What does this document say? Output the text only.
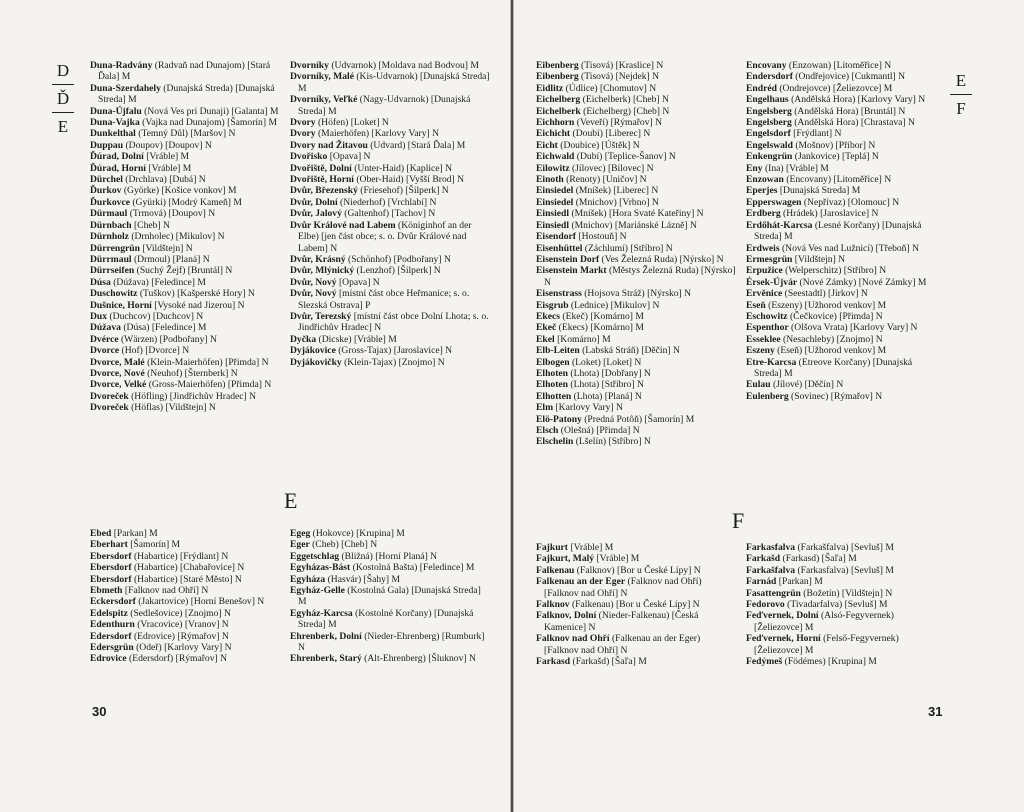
D
Ď
E

Duna-Radvány (Radvaň nad Dunajom) [Stará Ďala] M

Duna-Szerdahely (Dunajská Streda) [Dunajská Streda] M

Duna-Újfalu (Nová Ves pri Dunaji) [Galanta] M

Duna-Vajka (Vajka nad Dunajom) [Šamorín] M

Dunkelthal (Temný Důl) [Maršov] N

Duppau (Doupov) [Doupov] N

Ďúrad, Dolní [Vráble] M

Ďúrad, Horní [Vráble] M

Dürchel (Drchlava) [Dubá] N

Ďurkov (Györke) [Košice vonkov] M

Ďurkovce (Gyürki) [Modrý Kameň] M

Dürmaul (Trmová) [Doupov] N

Dürnbach [Cheb] N

Dürnholz (Drnholec) [Mikulov] N

Dürrengrün [Vildštejn] N

Dürrmaul (Drmoul) [Planá] N

Dürrseifen (Suchý Žejf) [Bruntál] N

Dúsa (Dúžava) [Feledince] M

Duschowitz (Tuškov) [Kašperské Hory] N

Dušnice, Horní [Vysoké nad Jizerou] N

Dux (Duchcov) [Duchcov] N

Dúžava (Dúsa) [Feledince] M

Dvérce (Wärzen) [Podbořany] N

Dvorce (Hof) [Dvorce] N

Dvorce, Malé (Klein-Maierhöfen) [Přimda] N

Dvorce, Nové (Neuhof) [Šternberk] N

Dvorce, Velké (Gross-Maierhöfen) [Přimda] N

Dvoreček (Höfling) [Jindřichův Hradec] N

Dvoreček (Höflas) [Vildštejn] N

Dvorníky (Udvarnok) [Moldava nad Bodvou] M

Dvorníky, Malé (Kis-Udvarnok) [Dunajská Streda] M

Dvorníky, Veľké (Nagy-Udvarnok) [Dunajská Streda] M

Dvory (Höfen) [Loket] N

Dvory (Maierhöfen) [Karlovy Vary] N

Dvory nad Žitavou (Udvard) [Stará Ďala] M

Dvořisko [Opava] N

Dvořiště, Dolní (Unter-Haid) [Kaplice] N

Dvořiště, Horní (Ober-Haid) [Vyšší Brod] N

Dvůr, Březenský (Friesehof) [Šilperk] N

Dvůr, Dolní (Niederhof) [Vrchlabí] N

Dvůr, Jalový (Galtenhof) [Tachov] N

Dvůr Králové nad Labem (Königinhof an der Elbe) [jen část obce; s. o. Dvůr Králové nad Labem] N

Dvůr, Krásný (Schönhof) [Podbořany] N

Dvůr, Mlýnický (Lenzhof) [Šilperk] N

Dvůr, Nový [Opava] N

Dvůr, Nový [místní část obce Heřmanice; s. o. Slezská Ostrava] P

Dvůr, Terezský [místní část obce Dolní Lhota; s. o. Jindřichův Hradec] N

Dyčka (Dicske) [Vráble] M

Dyjákovice (Gross-Tajax) [Jaroslavice] N

Dyjákovičky (Klein-Tajax) [Znojmo] N

E

Ebed [Parkan] M

Eberhart [Šamorín] M

Ebersdorf (Habartice) [Frýdlant] N

Ebersdorf (Habartice) [Chabařovice] N

Ebersdorf (Habartice) [Staré Město] N

Ebmeth [Falknov nad Ohří] N

Eckersdorf (Jakartovice) [Horní Benešov] N

Edelspitz (Sedlešovice) [Znojmo] N

Edenthurn (Vracovice) [Vranov] N

Edersdorf (Edrovice) [Rýmařov] N

Edersgrün (Odeř) [Karlovy Vary] N

Edrovice (Edersdorf) [Rýmařov] N

Egeg (Hokovce) [Krupina] M

Eger (Cheb) [Cheb] N

Eggetschlag (Bližná) [Horní Planá] N

Egyházas-Bást (Kostolná Bašta) [Feledince] M

Egyháza (Hasvár) [Šahy] M

Egyház-Gelle (Kostolná Gala) [Dunajská Streda] M

Egyház-Karcsa (Kostolné Korčany) [Dunajská Streda] M

Ehrenberk, Dolní (Nieder-Ehrenberg) [Rumburk] N

Ehrenberk, Starý (Alt-Ehrenberg) [Šluknov] N

30

Eibenberg (Tisová) [Kraslice] N

Eibenberg (Tisová) [Nejdek] N

Eidlitz (Údlice) [Chomutov] N

Eichelberg (Eichelberk) [Cheb] N

Eichelberk (Eichelberg) [Cheb] N

Eichhorn (Veveří) [Rýmařov] N

Eichicht (Doubí) [Liberec] N

Eicht (Doubice) [Úštěk] N

Eichwald (Dubí) [Teplice-Šanov] N

Eilowitz (Jílovec) [Bílovec] N

Einoth (Renoty) [Uničov] N

Einsiedel (Mníšek) [Liberec] N

Einsiedel (Mnichov) [Vrbno] N

Einsiedl (Mníšek) [Hora Svaté Kateřiny] N

Einsiedl (Mnichov) [Mariánské Lázně] N

Eisendorf [Hostouň] N

Eisenhüttel (Záchlumí) [Stříbro] N

Eisenstein Dorf (Ves Železná Ruda) [Nýrsko] N

Eisenstein Markt (Městys Železná Ruda) [Nýrsko] N

Eisenstrass (Hojsova Stráž) [Nýrsko] N

Eisgrub (Lednice) [Mikulov] N

Ekecs (Ekeč) [Komárno] M

Ekeč (Ekecs) [Komárno] M

Ekel [Komárno] M

Elb-Leiten (Labská Stráň) [Děčín] N

Elbogen (Loket) [Loket] N

Elhoten (Lhota) [Dobřany] N

Elhoten (Lhota) [Stříbro] N

Elhotten (Lhota) [Planá] N

Elm [Karlovy Vary] N

Elö-Patony (Predná Potôň) [Šamorín] M

Elsch (Olešná) [Přimda] N

Elschelin (Lšelín) [Stříbro] N

Encovany (Enzowan) [Litoměřice] N

Endersdorf (Ondřejovice) [Cukmantl] N

Endréd (Ondrejovce) [Želiezovce] M

Engelhaus (Andělská Hora) [Karlovy Vary] N

Engelsberg (Andělská Hora) [Bruntál] N

Engelsberg (Andělská Hora) [Chrastava] N

Engelsdorf [Frýdlant] N

Engelswald (Mošnov) [Příbor] N

Enkengrün (Jankovice) [Teplá] N

Eny (Ina) [Vráble] M

Enzowan (Encovany) [Litoměřice] N

Eperjes [Dunajská Streda] M

Epperswagen (Nepřívaz) [Olomouc] N

Erdberg (Hrádek) [Jaroslavice] N

Erdőhát-Karcsa (Lesné Korčany) [Dunajská Streda] M

Erdweis (Nová Ves nad Lužnicí) [Třeboň] N

Ermesgrün [Vildštejn] N

Erpužice (Welperschitz) [Stříbro] N

Érsek-Újvár (Nové Zámky) [Nové Zámky] M

Ervěnice (Seestadtl) [Jirkov] N

Eseň (Eszeny) [Užhorod venkov] M

Eschowitz (Čečkovice) [Přimda] N

Espenthor (Olšova Vrata) [Karlovy Vary] N

Esseklee (Nesachleby) [Znojmo] N

Eszeny (Eseň) [Užhorod venkov] M

Etre-Karcsa (Etreove Korčany) [Dunajská Streda] M

Eulau (Jílové) [Děčín] N

Eulenberg (Sovinec) [Rýmařov] N

E
F
F

Fajkurt [Vráble] M

Fajkurt, Malý [Vráble] M

Falkenau (Falknov) [Bor u České Lípy] N

Falkenau an der Eger (Falknov nad Ohří) [Falknov nad Ohří] N

Falknov (Falkenau) [Bor u České Lípy] N

Falknov, Dolní (Nieder-Falkenau) [Česká Kamenice] N

Falknov nad Ohří (Falkenau an der Eger) [Falknov nad Ohří] N

Farkasd (Farkašd) [Šaľa] M

Farkasfalva (Farkašfalva) [Sevluš] M

Farkašd (Farkasd) [Šaľa] M

Farkašfalva (Farkasfalva) [Sevluš] M

Farnád [Parkan] M

Fasattengrün (Božetín) [Vildštejn] N

Fedorovo (Tivadarfalva) [Sevluš] M

Feďvernek, Dolní (Alsó-Fegyvernek) [Želiezovce] M

Feďvernek, Horní (Felső-Fegyvernek) [Želiezovce] M

Fedýmeš (Födémes) [Krupina] M

31
